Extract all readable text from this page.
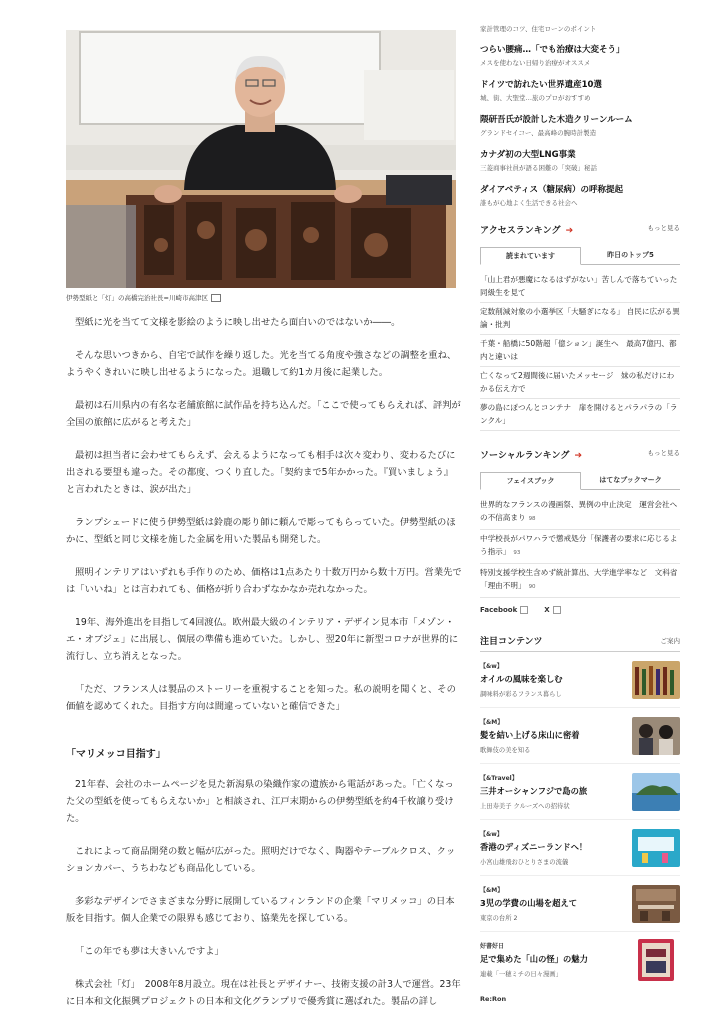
伊勢型紙と「灯」の高橋完治社長=川崎市高津区

型紙に光を当てて文様を影絵のように映し出せたら面白いのではないか――。

そんな思いつきから、自宅で試作を繰り返した。光を当てる角度や強さなどの調整を重ね、ようやくきれいに映し出せるようになった。退職して約1カ月後に起業した。

最初は石川県内の有名な老舗旅館に試作品を持ち込んだ。「ここで使ってもらえれば、評判が全国の旅館に広がると考えた」

最初は担当者に会わせてもらえず、会えるようになっても相手は次々変わり、変わるたびに出される要望も違った。その都度、つくり直した。「契約まで5年かかった。『買いましょう』と言われたときは、涙が出た」

ランプシェードに使う伊勢型紙は鈴鹿の彫り師に頼んで彫ってもらっていた。伊勢型紙のほかに、型紙と同じ文様を施した金属を用いた製品も開発した。

照明インテリアはいずれも手作りのため、価格は1点あたり十数万円から数十万円。営業先では「いいね」とは言われても、価格が折り合わずなかなか売れなかった。

19年、海外進出を目指して4回渡仏。欧州最大級のインテリア・デザイン見本市「メゾン・エ・オブジェ」に出展し、個展の準備も進めていた。しかし、翌20年に新型コロナが世界的に流行し、立ち消えとなった。

「ただ、フランス人は製品のストーリーを重視することを知った。私の説明を聞くと、その価値を認めてくれた。目指す方向は間違っていないと確信できた」

「マリメッコ目指す」

21年春、会社のホームページを見た新潟県の染織作家の遺族から電話があった。「亡くなった父の型紙を使ってもらえないか」と相談され、江戸末期からの伊勢型紙を約4千枚譲り受けた。

これによって商品開発の数と幅が広がった。照明だけでなく、陶器やテーブルクロス、クッションカバー、うちわなども商品化している。

多彩なデザインでさまざまな分野に展開しているフィンランドの企業「マリメッコ」の日本版を目指す。個人企業での限界も感じており、協業先を探している。

「この年でも夢は大きいんですよ」

株式会社「灯」　2008年8月設立。現在は社長とデザイナー、技術支援の計3人で運営。23年に日本和文化振興プロジェクトの日本和文化グランプリで優秀賞に選ばれた。製品の詳し

家計管理のコツ、住宅ローンのポイント
つらい腰痛…「でも治療は大変そう」
メスを使わない日帰り治療がオススメ
ドイツで訪れたい世界遺産10選
城、街、大聖堂…旅のプロがおすすめ
隈研吾氏が設計した木造クリーンルーム
グランドセイコー、最高峰の腕時計製造
カナダ初の大型LNG事業
三菱商事社員が語る困難の「突破」秘話
ダイアベティス（糖尿病）の呼称提起
誰もが心地よく生活できる社会へ
アクセスランキング ➔	もっと見る
読まれています	昨日のトップ5
「山上君が悪魔になるはずがない」苦しんで落ちていった同級生を見て
定数削減対象の小選挙区「大騒ぎになる」 自民に広がる異論・批判
千葉・船橋に50階超「億ション」誕生へ　最高7億円、都内と違いは
亡くなって2週間後に届いたメッセージ　妹の私だけにわかる伝え方で
夢の島にぽつんとコンテナ　扉を開けるとパラパラの「ランクル」
ソーシャルランキング ➔	もっと見る
フェイスブック	はてなブックマーク
世界的なフランスの漫画祭、異例の中止決定　運営会社への不信高まり 98
中学校長がパワハラで懲戒処分「保護者の要求に応じるよう指示」 93
特別支援学校生含めず統計算出、大学進学率など　文科省「理由不明」 90
Facebook	X
注目コンテンツ	ご案内
【&w】
オイルの風味を楽しむ
調味料が彩るフランス暮らし
【&M】
髪を結い上げる床山に密着
歌舞伎の美を知る
【&Travel】
三井オーシャンフジで島の旅
上田寿美子 クルーズへの招待状
【&w】
香港のディズニーランドへ！
小宮山雄飛おひとりさまの流儀
【&M】
3児の学費の山場を超えて
東京の台所 2
好書好日
足で集めた「山の怪」の魅力
連載「一穂ミチの日々漫画」
Re:Ron
